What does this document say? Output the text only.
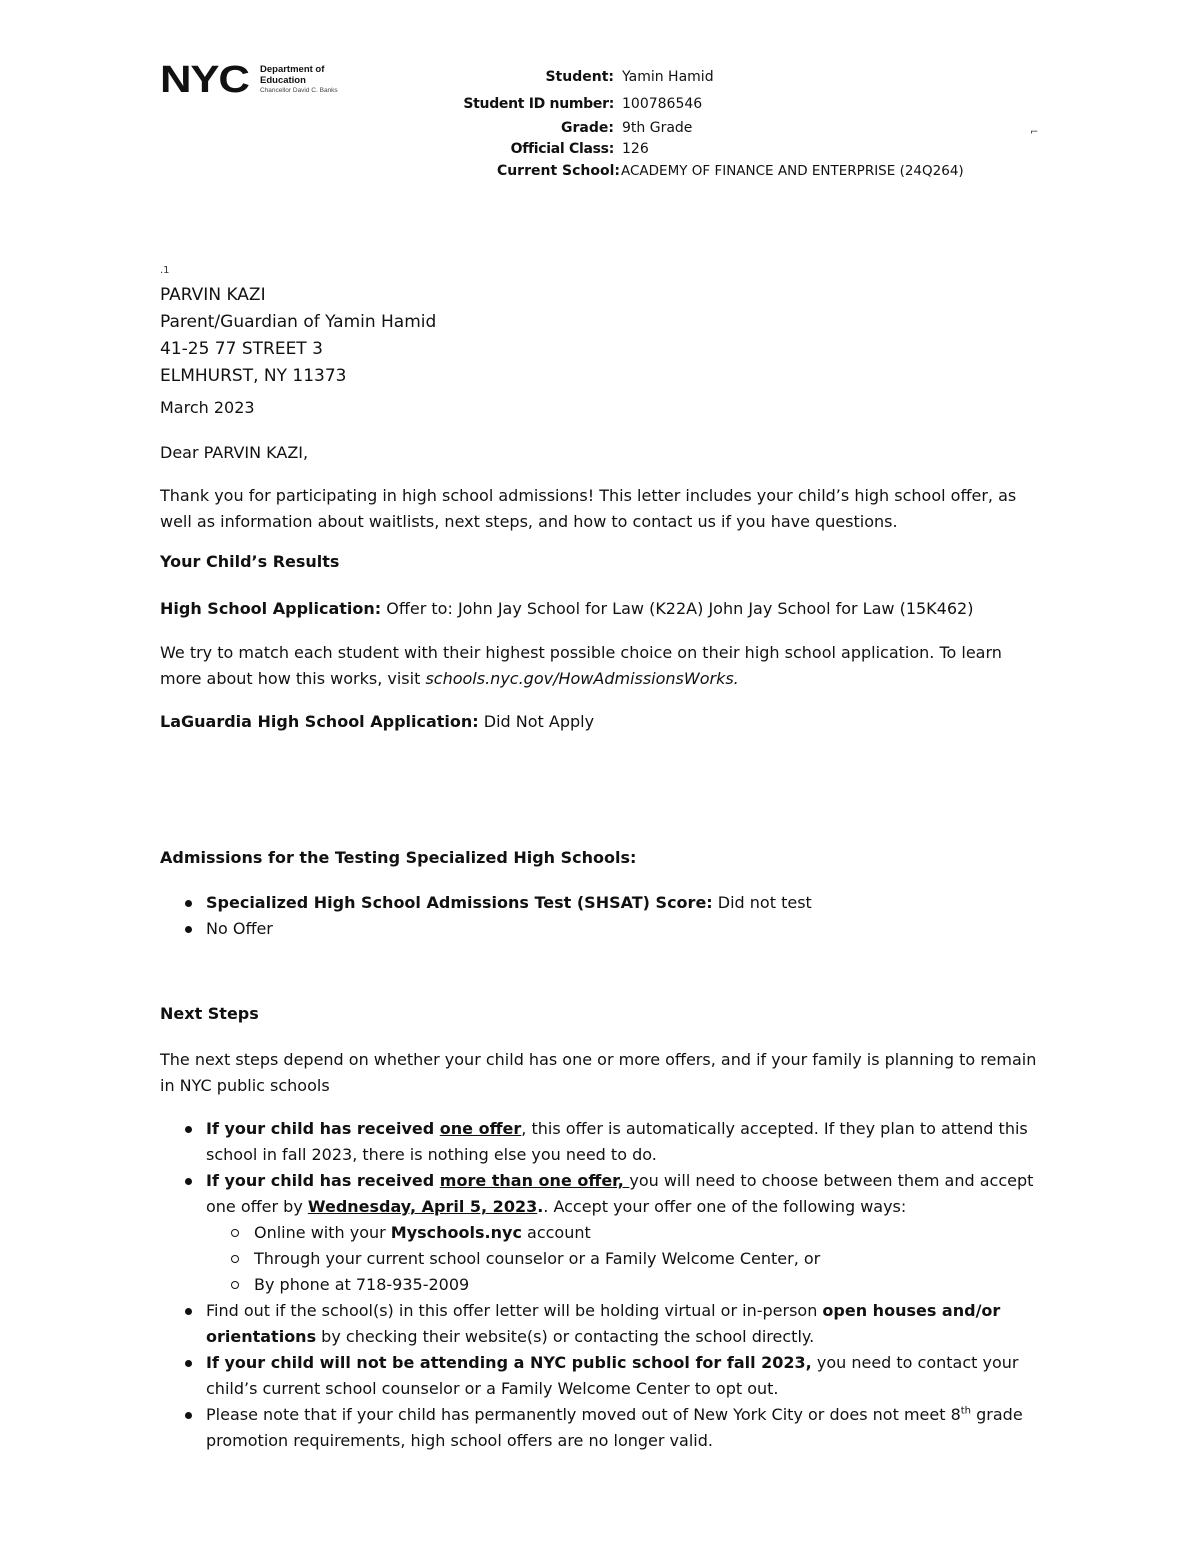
NYC Department of
Education
Chancellor David C. Banks
Student: Yamin Hamid
Student ID number: 100786546
Grade: 9th Grade
Official Class: 126
Current School: ACADEMY OF FINANCE AND ENTERPRISE (24Q264)
⌐
.1
PARVIN KAZI
Parent/Guardian of Yamin Hamid
41-25 77 STREET 3
ELMHURST, NY 11373
March 2023
Dear PARVIN KAZI,
Thank you for participating in high school admissions! This letter includes your child’s high school offer, as well as information about waitlists, next steps, and how to contact us if you have questions.
Your Child’s Results
High School Application: Offer to: John Jay School for Law (K22A) John Jay School for Law (15K462)
We try to match each student with their highest possible choice on their high school application. To learn more about how this works, visit schools.nyc.gov/HowAdmissionsWorks.
LaGuardia High School Application: Did Not Apply
Admissions for the Testing Specialized High Schools:
Specialized High School Admissions Test (SHSAT) Score: Did not test
No Offer
Next Steps
The next steps depend on whether your child has one or more offers, and if your family is planning to remain in NYC public schools
If your child has received one offer, this offer is automatically accepted. If they plan to attend this school in fall 2023, there is nothing else you need to do.
If your child has received more than one offer, you will need to choose between them and accept one offer by Wednesday, April 5, 2023.. Accept your offer one of the following ways:
Online with your Myschools.nyc account
Through your current school counselor or a Family Welcome Center, or
By phone at 718-935-2009
Find out if the school(s) in this offer letter will be holding virtual or in-person open houses and/or orientations by checking their website(s) or contacting the school directly.
If your child will not be attending a NYC public school for fall 2023, you need to contact your child’s current school counselor or a Family Welcome Center to opt out.
Please note that if your child has permanently moved out of New York City or does not meet 8th grade promotion requirements, high school offers are no longer valid.
